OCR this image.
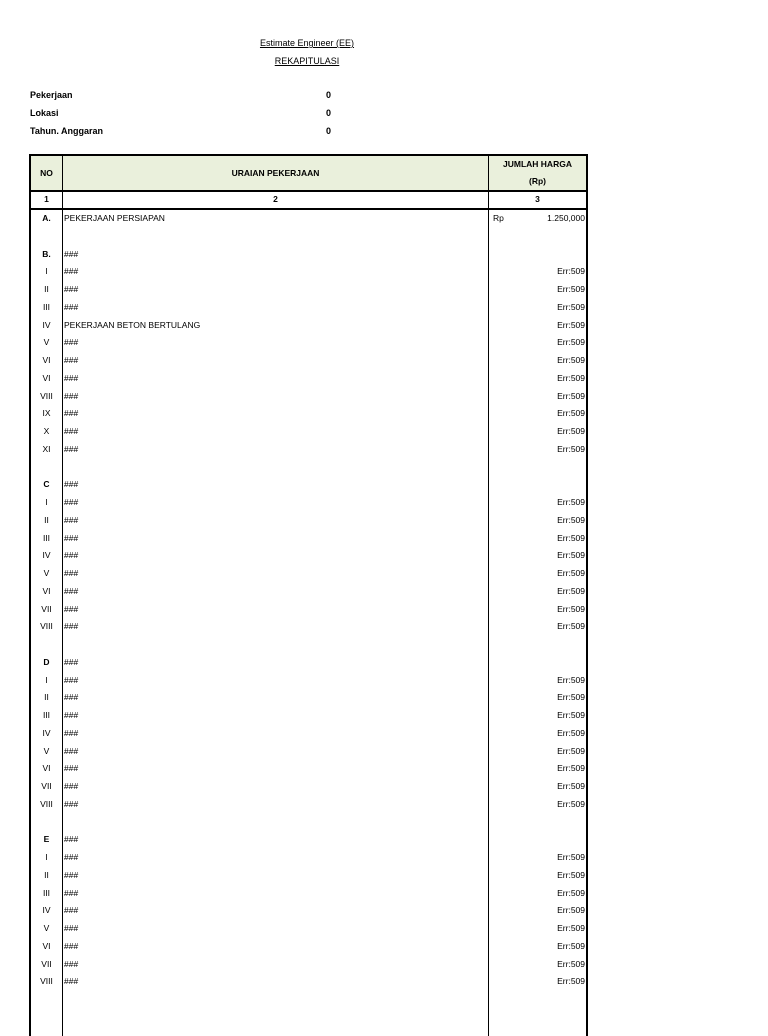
Estimate Engineer (EE)
REKAPITULASI
Pekerjaan	0
Lokasi	0
Tahun. Anggaran	0
NO	URAIAN PEKERJAAN
JUMLAH HARGA
(Rp)
1	2	3
A.	PEKERJAAN PERSIAPAN	Rp	1.250,000
B.	###
I	###	Err:509
II	###	Err:509
III	###	Err:509
IV	PEKERJAAN BETON BERTULANG	Err:509
V	###	Err:509
VI	###	Err:509
VI	###	Err:509
VIII	###	Err:509
IX	###	Err:509
X	###	Err:509
XI	###	Err:509
C	###
I	###	Err:509
II	###	Err:509
III	###	Err:509
IV	###	Err:509
V	###	Err:509
VI	###	Err:509
VII	###	Err:509
VIII	###	Err:509
D	###
I	###	Err:509
II	###	Err:509
III	###	Err:509
IV	###	Err:509
V	###	Err:509
VI	###	Err:509
VII	###	Err:509
VIII	###	Err:509
E	###
I	###	Err:509
II	###	Err:509
III	###	Err:509
IV	###	Err:509
V	###	Err:509
VI	###	Err:509
VII	###	Err:509
VIII	###	Err:509
